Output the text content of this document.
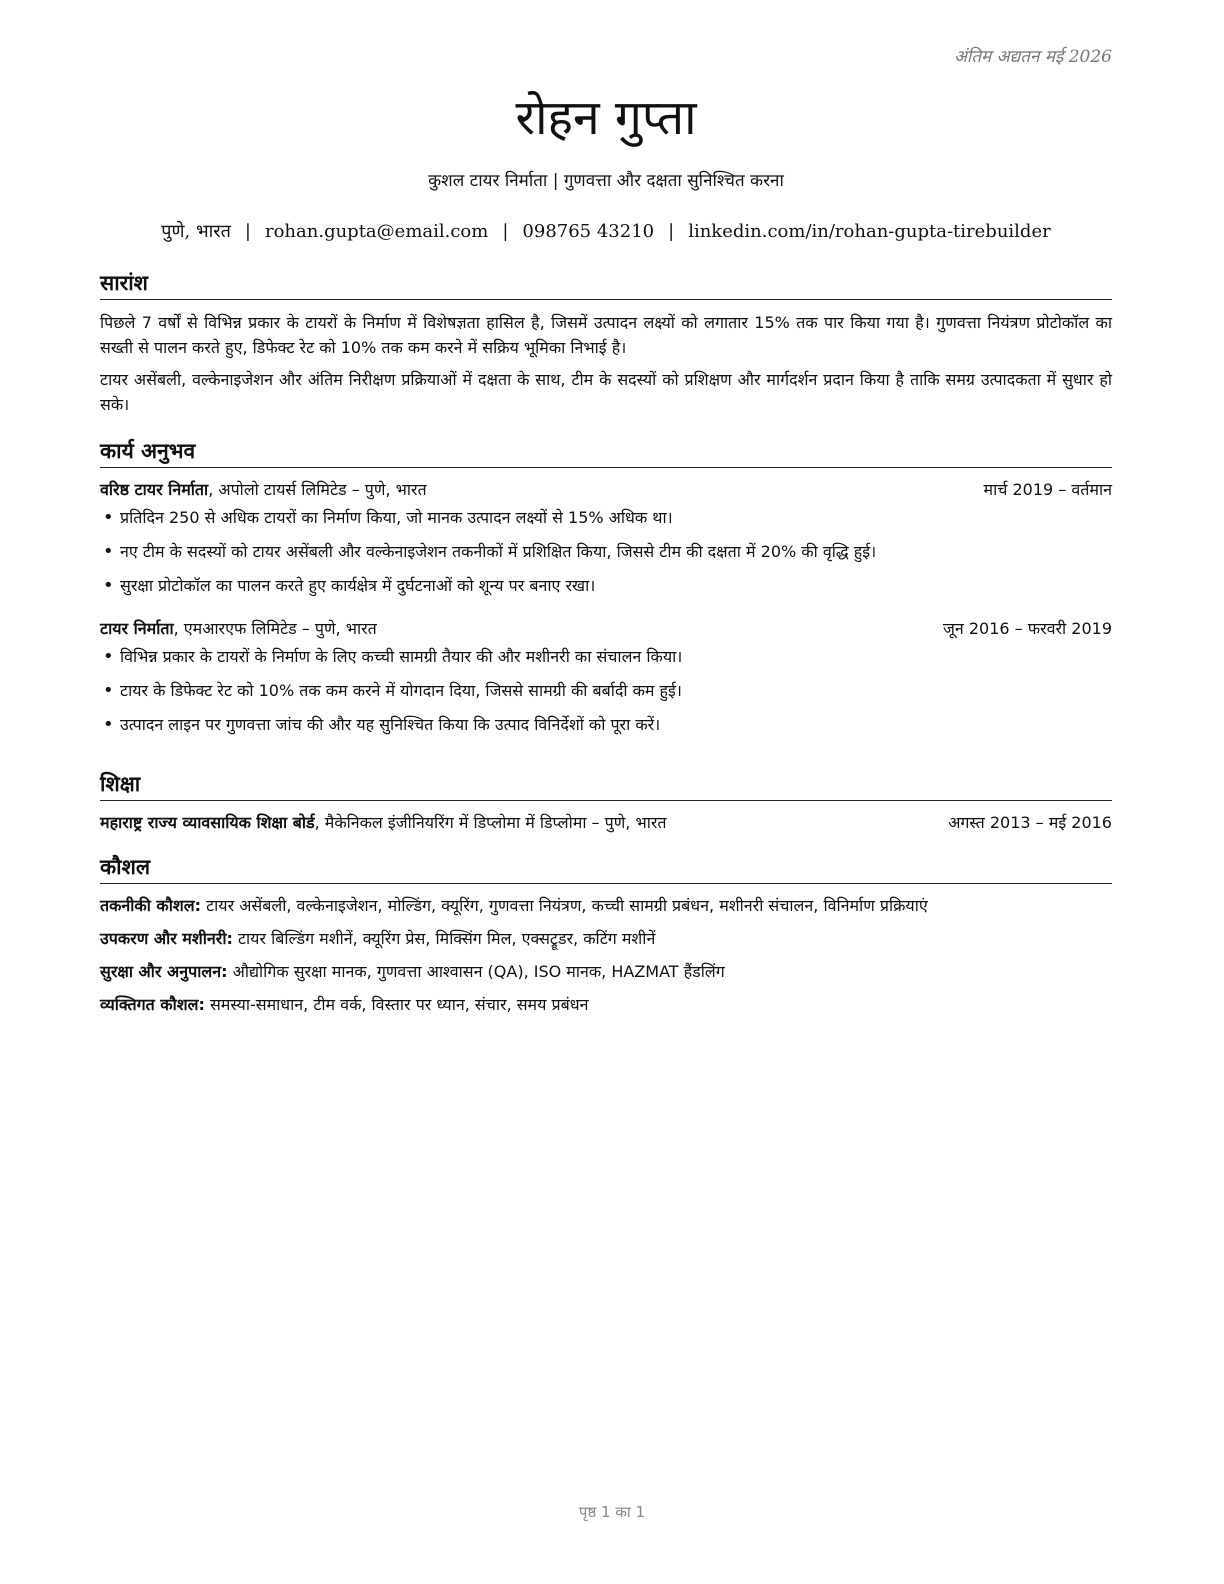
अंतिम अद्यतन मई 2026
रोहन गुप्ता
कुशल टायर निर्माता | गुणवत्ता और दक्षता सुनिश्चित करना
पुणे, भारत | rohan.gupta@email.com | 098765 43210 | linkedin.com/in/rohan-gupta-tirebuilder
सारांश

पिछले 7 वर्षों से विभिन्न प्रकार के टायरों के निर्माण में विशेषज्ञता हासिल है, जिसमें उत्पादन लक्ष्यों को लगातार 15% तक पार किया गया है। गुणवत्ता नियंत्रण प्रोटोकॉल का सख्ती से पालन करते हुए, डिफेक्ट रेट को 10% तक कम करने में सक्रिय भूमिका निभाई है।

टायर असेंबली, वल्केनाइजेशन और अंतिम निरीक्षण प्रक्रियाओं में दक्षता के साथ, टीम के सदस्यों को प्रशिक्षण और मार्गदर्शन प्रदान किया है ताकि समग्र उत्पादकता में सुधार हो सके।

कार्य अनुभव
वरिष्ठ टायर निर्माता, अपोलो टायर्स लिमिटेड – पुणे, भारत	मार्च 2019 – वर्तमान
• प्रतिदिन 250 से अधिक टायरों का निर्माण किया, जो मानक उत्पादन लक्ष्यों से 15% अधिक था।
• नए टीम के सदस्यों को टायर असेंबली और वल्केनाइजेशन तकनीकों में प्रशिक्षित किया, जिससे टीम की दक्षता में 20% की वृद्धि हुई।
• सुरक्षा प्रोटोकॉल का पालन करते हुए कार्यक्षेत्र में दुर्घटनाओं को शून्य पर बनाए रखा।
टायर निर्माता, एमआरएफ लिमिटेड – पुणे, भारत	जून 2016 – फरवरी 2019
• विभिन्न प्रकार के टायरों के निर्माण के लिए कच्ची सामग्री तैयार की और मशीनरी का संचालन किया।
• टायर के डिफेक्ट रेट को 10% तक कम करने में योगदान दिया, जिससे सामग्री की बर्बादी कम हुई।
• उत्पादन लाइन पर गुणवत्ता जांच की और यह सुनिश्चित किया कि उत्पाद विनिर्देशों को पूरा करें।
शिक्षा
महाराष्ट्र राज्य व्यावसायिक शिक्षा बोर्ड, मैकेनिकल इंजीनियरिंग में डिप्लोमा में डिप्लोमा – पुणे, भारत	अगस्त 2013 – मई 2016
कौशल
तकनीकी कौशल: टायर असेंबली, वल्केनाइजेशन, मोल्डिंग, क्यूरिंग, गुणवत्ता नियंत्रण, कच्ची सामग्री प्रबंधन, मशीनरी संचालन, विनिर्माण प्रक्रियाएं
उपकरण और मशीनरी: टायर बिल्डिंग मशीनें, क्यूरिंग प्रेस, मिक्सिंग मिल, एक्सट्रूडर, कटिंग मशीनें
सुरक्षा और अनुपालन: औद्योगिक सुरक्षा मानक, गुणवत्ता आश्वासन (QA), ISO मानक, HAZMAT हैंडलिंग
व्यक्तिगत कौशल: समस्या-समाधान, टीम वर्क, विस्तार पर ध्यान, संचार, समय प्रबंधन
पृष्ठ 1 का 1
